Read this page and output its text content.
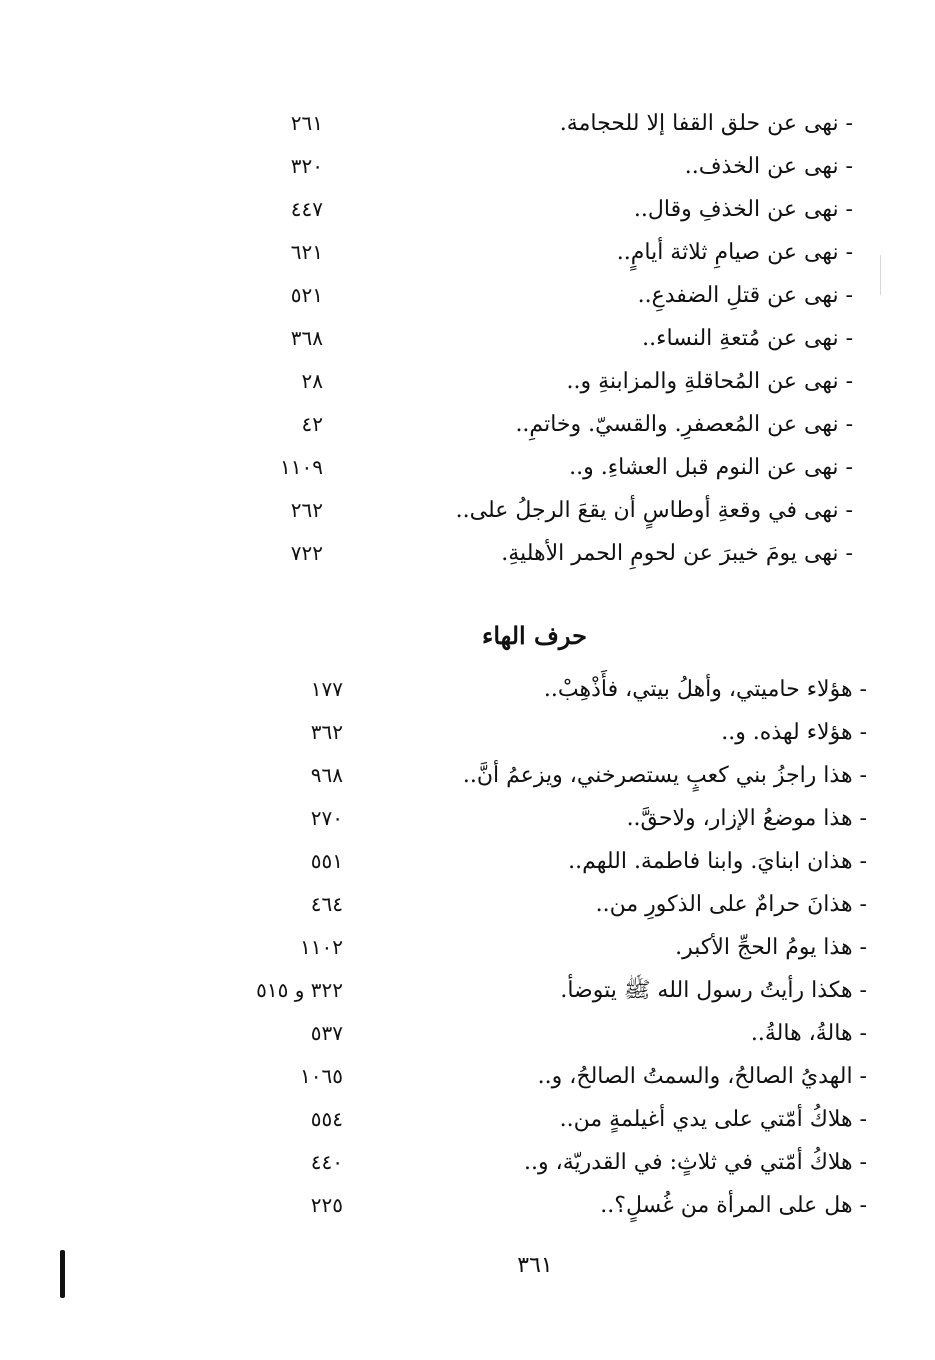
- نهى عن حلق القفا إلا للحجامة.
٢٦١
- نهى عن الخذف..
٣٢٠
- نهى عن الخذفِ وقال..
٤٤٧
- نهى عن صيامِ ثلاثة أيامٍ..
٦٢١
- نهى عن قتلِ الضفدعِ..
٥٢١
- نهى عن مُتعةِ النساء..
٣٦٨
- نهى عن المُحاقلةِ والمزابنةِ و..
٢٨
- نهى عن المُعصفرِ. والقسيّ. وخاتمِ..
٤٢
- نهى عن النوم قبل العشاءِ. و..
١١٠٩
- نهى في وقعةِ أوطاسٍ أن يقعَ الرجلُ على..
٢٦٢
- نهى يومَ خيبرَ عن لحومِ الحمر الأهليةِ.
٧٢٢
حرف الهاء
- هؤلاء حاميتي، وأهلُ بيتي، فأَذْهِبْ..
١٧٧
- هؤلاء لهذه. و..
٣٦٢
- هذا راجزُ بني كعبٍ يستصرخني، ويزعمُ أنَّ..
٩٦٨
- هذا موضعُ الإزار، ولاحقَّ..
٢٧٠
- هذان ابنايَ. وابنا فاطمة. اللهم..
٥٥١
- هذانَ حرامٌ على الذكورِ من..
٤٦٤
- هذا يومُ الحجِّ الأكبر.
١١٠٢
- هكذا رأيتُ رسول الله ﷺ يتوضأ.
٣٢٢ و ٥١٥
- هالةُ، هالةُ..
٥٣٧
- الهديُ الصالحُ، والسمتُ الصالحُ، و..
١٠٦٥
- هلاكُ أمّتي على يدي أغيلمةٍ من..
٥٥٤
- هلاكُ أمّتي في ثلاثٍ: في القدريّة، و..
٤٤٠
- هل على المرأة من غُسلٍ؟..
٢٢٥
٣٦١
